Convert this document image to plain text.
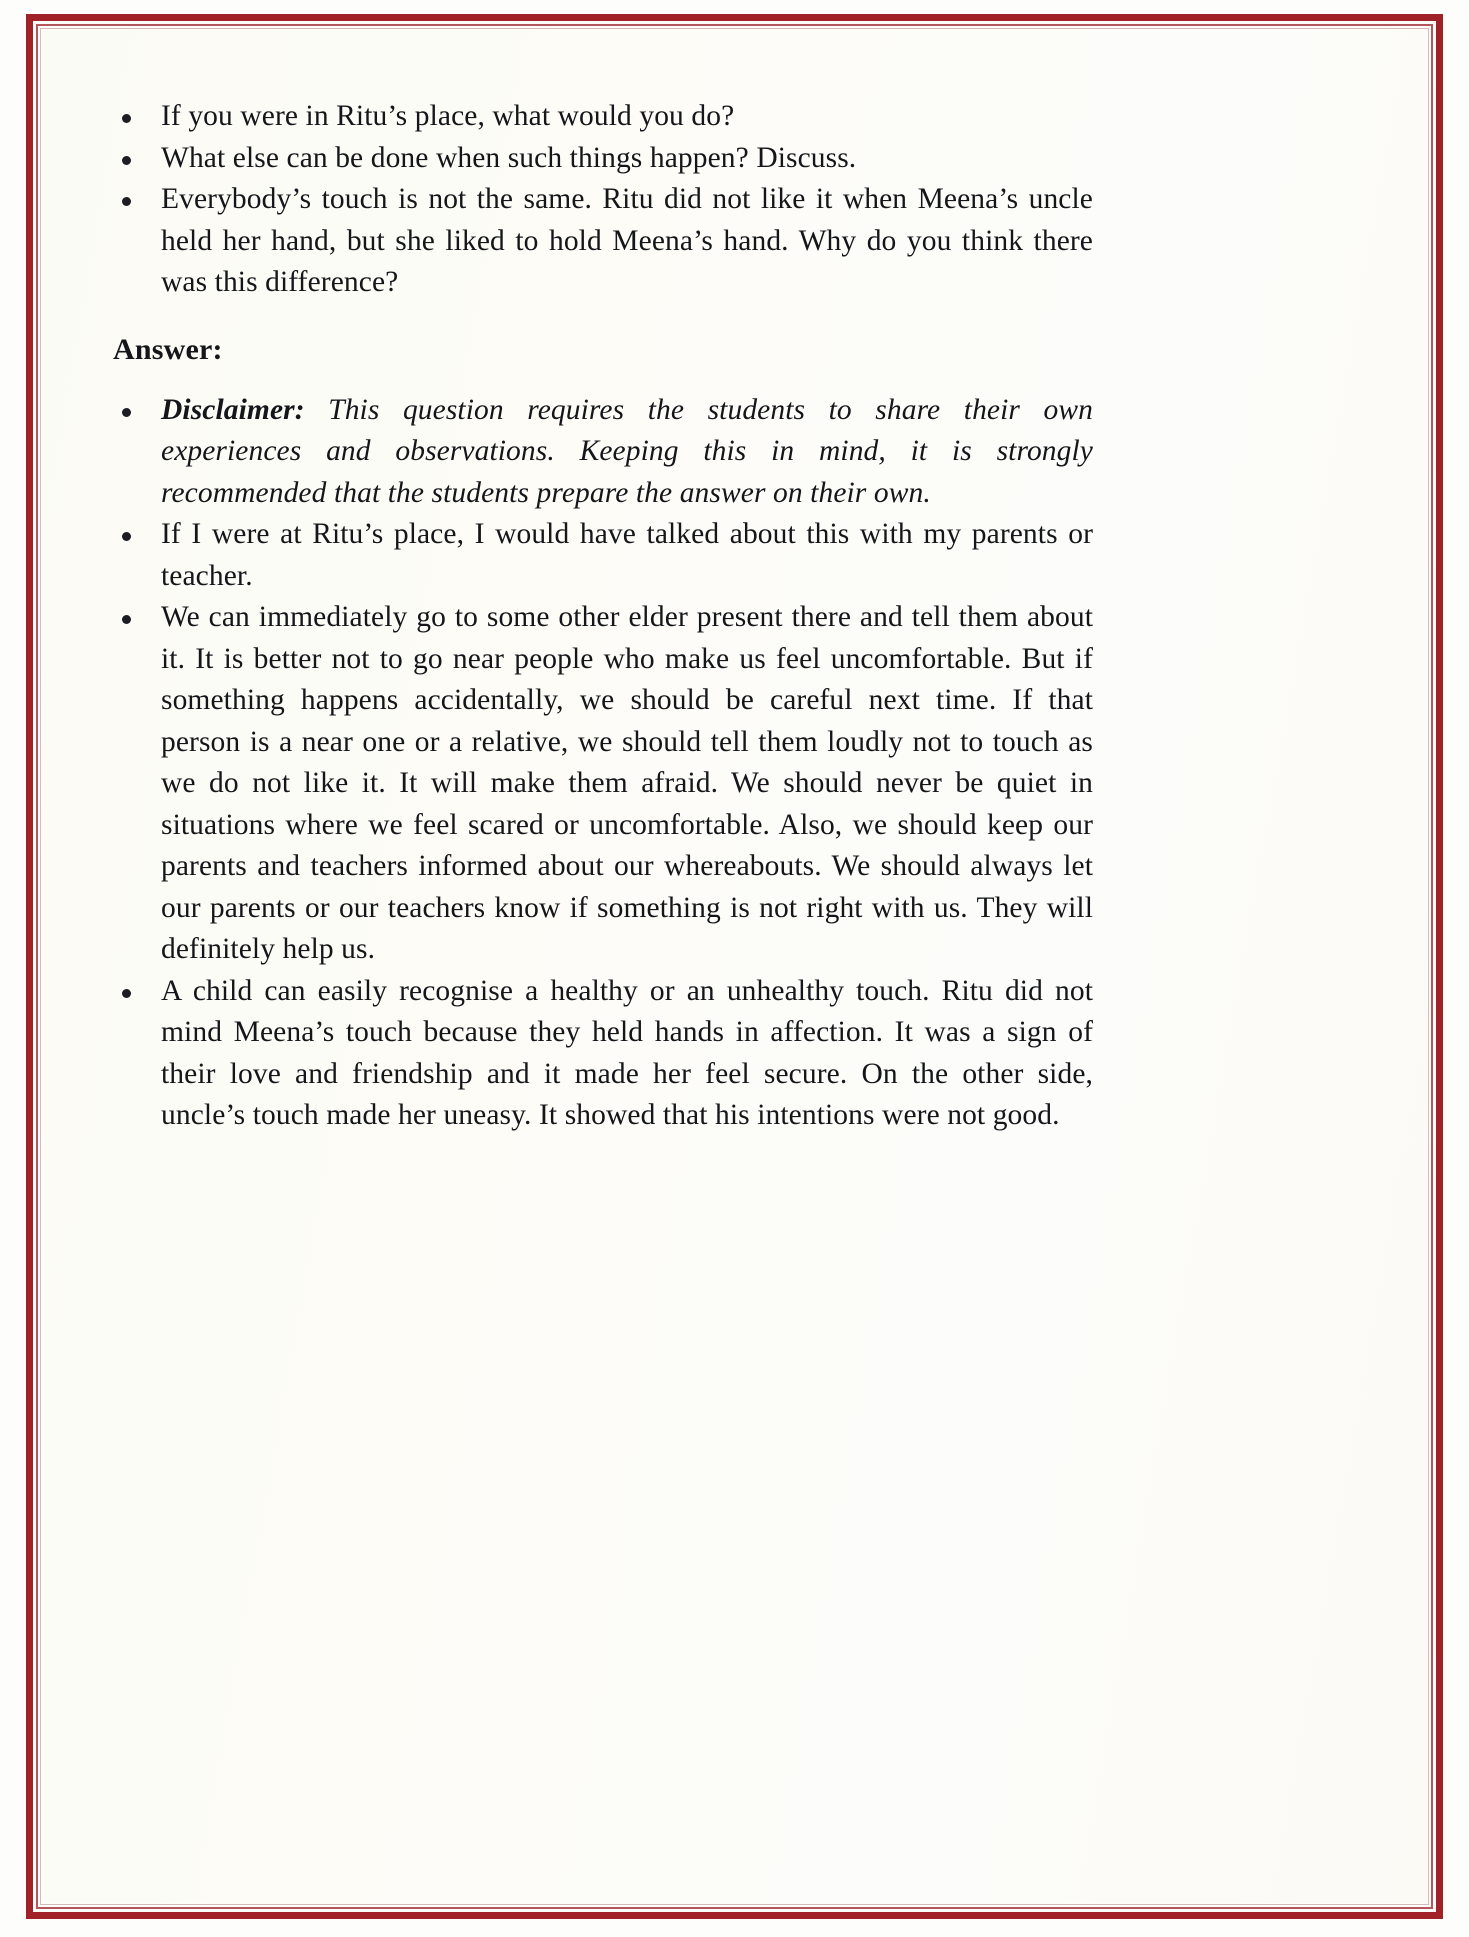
If you were in Ritu’s place, what would you do?
What else can be done when such things happen? Discuss.
Everybody’s touch is not the same. Ritu did not like it when Meena’s uncle held her hand, but she liked to hold Meena’s hand. Why do you think there was this difference?
Answer:
Disclaimer: This question requires the students to share their own experiences and observations. Keeping this in mind, it is strongly recommended that the students prepare the answer on their own.
If I were at Ritu’s place, I would have talked about this with my parents or teacher.
We can immediately go to some other elder present there and tell them about it. It is better not to go near people who make us feel uncomfortable. But if something happens accidentally, we should be careful next time. If that person is a near one or a relative, we should tell them loudly not to touch as we do not like it. It will make them afraid. We should never be quiet in situations where we feel scared or uncomfortable. Also, we should keep our parents and teachers informed about our whereabouts. We should always let our parents or our teachers know if something is not right with us. They will definitely help us.
A child can easily recognise a healthy or an unhealthy touch. Ritu did not mind Meena’s touch because they held hands in affection. It was a sign of their love and friendship and it made her feel secure. On the other side, uncle’s touch made her uneasy. It showed that his intentions were not good.
